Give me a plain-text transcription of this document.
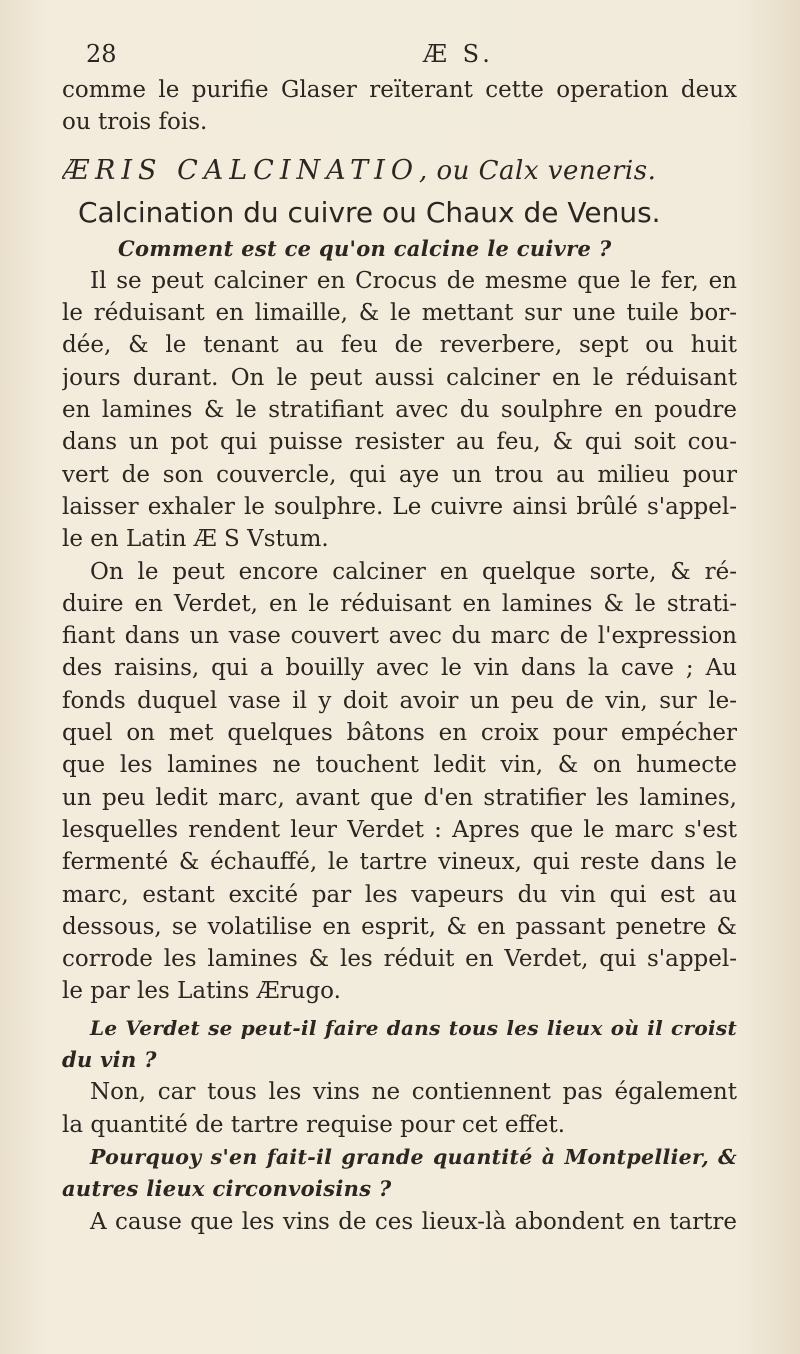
28	Æ S.
comme le purifie Glaser reïterant cette operation deux
ou trois fois.
ÆRIS CALCINATIO, ou Calx veneris.
Calcination du cuivre ou Chaux de Venus.
Comment est ce qu'on calcine le cuivre ?
Il se peut calciner en Crocus de mesme que le fer, en
le réduisant en limaille, & le mettant sur une tuile bor-
dée, & le tenant au feu de reverbere, sept ou huit
jours durant. On le peut aussi calciner en le réduisant
en lamines & le stratifiant avec du soulphre en poudre
dans un pot qui puisse resister au feu, & qui soit cou-
vert de son couvercle, qui aye un trou au milieu pour
laisser exhaler le soulphre. Le cuivre ainsi brûlé s'appel-
le en Latin Æ S Vstum.
On le peut encore calciner en quelque sorte, & ré-
duire en Verdet, en le réduisant en lamines & le strati-
fiant dans un vase couvert avec du marc de l'expression
des raisins, qui a bouilly avec le vin dans la cave ; Au
fonds duquel vase il y doit avoir un peu de vin, sur le-
quel on met quelques bâtons en croix pour empécher
que les lamines ne touchent ledit vin, & on humecte
un peu ledit marc, avant que d'en stratifier les lamines,
lesquelles rendent leur Verdet : Apres que le marc s'est
fermenté & échauffé, le tartre vineux, qui reste dans le
marc, estant excité par les vapeurs du vin qui est au
dessous, se volatilise en esprit, & en passant penetre &
corrode les lamines & les réduit en Verdet, qui s'appel-
le par les Latins Ærugo.
Le Verdet se peut-il faire dans tous les lieux où il croist
du vin ?
Non, car tous les vins ne contiennent pas également
la quantité de tartre requise pour cet effet.
Pourquoy s'en fait-il grande quantité à Montpellier, &
autres lieux circonvoisins ?
A cause que les vins de ces lieux-là abondent en tartre
